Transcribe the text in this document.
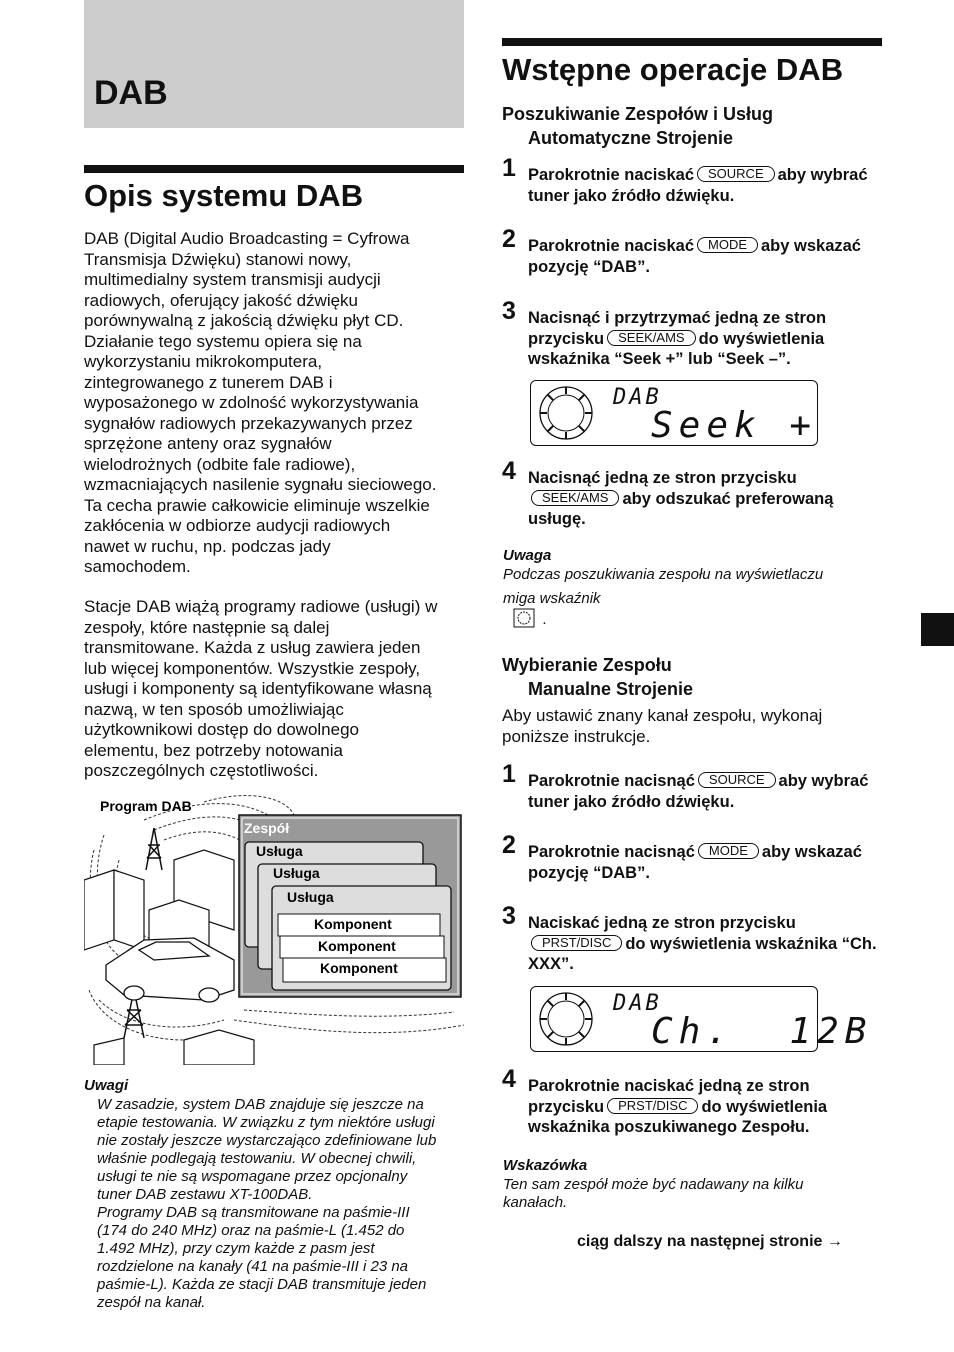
DAB
Opis systemu DAB

DAB (Digital Audio Broadcasting = Cyfrowa
Transmisja Dźwięku) stanowi nowy,
multimedialny system transmisji audycji
radiowych, oferujący jakość dźwięku
porównywalną z jakością dźwięku płyt CD.
Działanie tego systemu opiera się na
wykorzystaniu mikrokomputera,
zintegrowanego z tunerem DAB i
wyposażonego w zdolność wykorzystywania
sygnałów radiowych przekazywanych przez
sprzężone anteny oraz sygnałów
wielodrożnych (odbite fale radiowe),
wzmacniających nasilenie sygnału sieciowego.
Ta cecha prawie całkowicie eliminuje wszelkie
zakłócenia w odbiorze audycji radiowych
nawet w ruchu, np. podczas jady
samochodem.

Stacje DAB wiążą programy radiowe (usługi) w
zespoły, które następnie są dalej
transmitowane. Każda z usług zawiera jeden
lub więcej komponentów. Wszystkie zespoły,
usługi i komponenty są identyfikowane własną
nazwą, w ten sposób umożliwiając
użytkownikowi dostęp do dowolnego
elementu, bez potrzeby notowania
poszczególnych częstotliwości.

Program DAB
Zespół
Usługa
Usługa
Usługa
Komponent
Komponent
Komponent

Uwagi

W zasadzie, system DAB znajduje się jeszcze na
etapie testowania. W związku z tym niektóre usługi
nie zostały jeszcze wystarczająco zdefiniowane lub
właśnie podlegają testowaniu. W obecnej chwili,
usługi te nie są wspomagane przez opcjonalny
tuner DAB zestawu XT-100DAB.
Programy DAB są transmitowane na paśmie-III
(174 do 240 MHz) oraz na paśmie-L (1.452 do
1.492 MHz), przy czym każde z pasm jest
rozdzielone na kanały (41 na paśmie-III i 23 na
paśmie-L). Każda ze stacji DAB transmituje jeden
zespół na kanał.

Wstępne operacje DAB
Poszukiwanie Zespołów i Usług
Automatyczne Strojenie
1 Parokrotnie naciskać SOURCE aby wybrać tuner jako źródło dźwięku.
2 Parokrotnie naciskać MODE aby wskazać pozycję “DAB”.
3 Nacisnąć i przytrzymać jedną ze stron przycisku SEEK/AMS do wyświetlenia wskaźnika “Seek +” lub “Seek –”.
DAB
Seek +
4 Nacisnąć jedną ze stron przyciskuSEEK/AMS aby odszukać preferowaną usługę.

Uwaga

Podczas poszukiwania zespołu na wyświetlaczu

miga wskaźnik
.

Wybieranie Zespołu
Manualne Strojenie

Aby ustawić znany kanał zespołu, wykonaj
poniższe instrukcje.

1 Parokrotnie nacisnąć SOURCE aby wybrać tuner jako źródło dźwięku.
2 Parokrotnie nacisnąć MODE aby wskazać pozycję “DAB”.
3 Naciskać jedną ze stron przyciskuPRST/DISC do wyświetlenia wskaźnika “Ch. XXX”.
DAB
Ch.  12B
4 Parokrotnie naciskać jedną ze stron przycisku PRST/DISC do wyświetlenia wskaźnika poszukiwanego Zespołu.

Wskazówka

Ten sam zespół może być nadawany na kilku
kanałach.

ciąg dalszy na następnej stronie →
